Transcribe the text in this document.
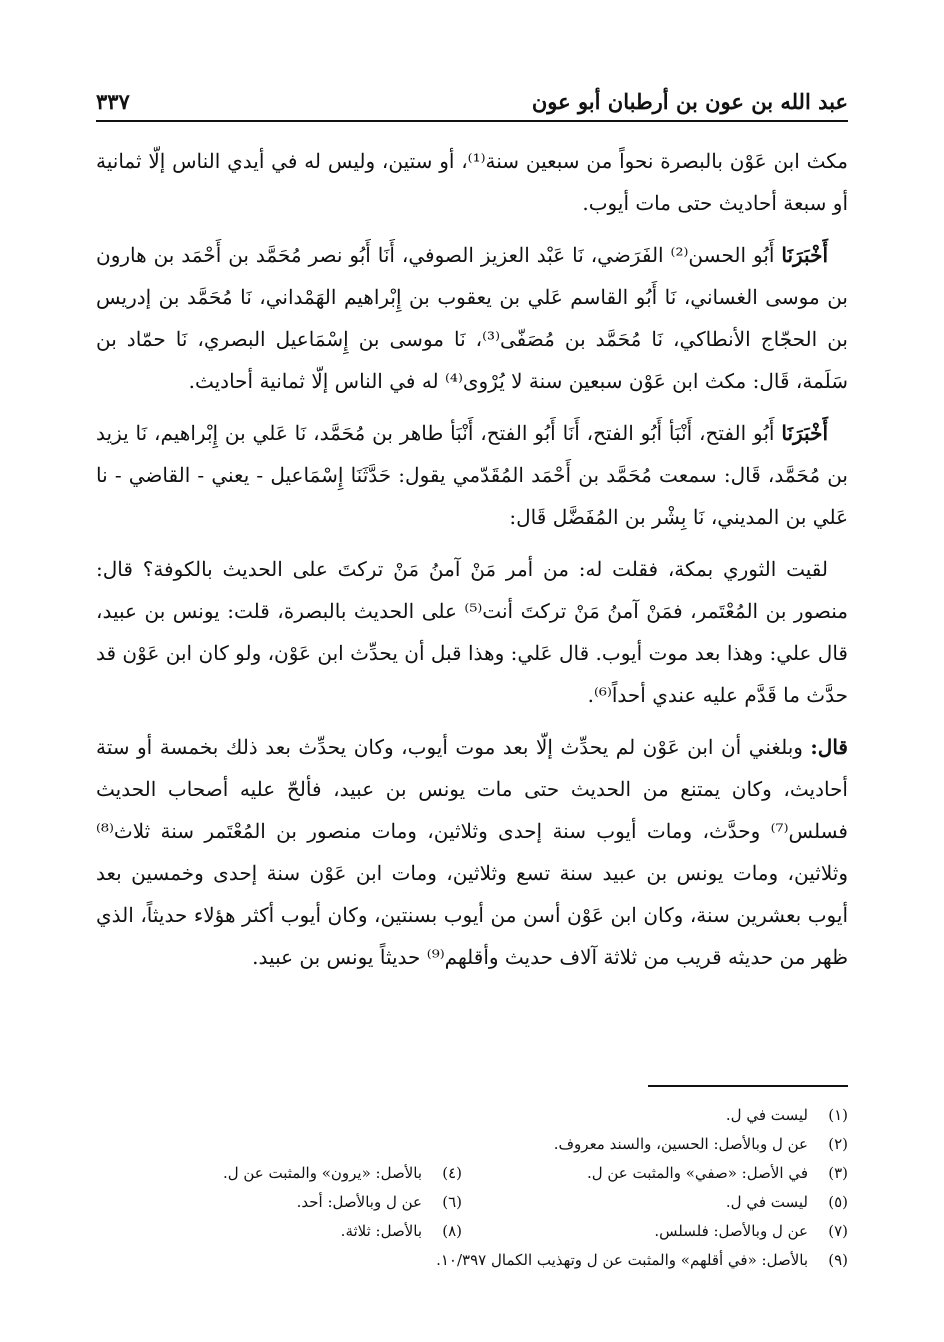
عبد الله بن عون بن أرطبان أبو عون
٣٣٧

مكث ابن عَوْن بالبصرة نحواً من سبعين سنة⁽¹⁾، أو ستين، وليس له في أيدي الناس إلّا ثمانية أو سبعة أحاديث حتى مات أيوب.

أَخْبَرَنَا أَبُو الحسن⁽²⁾ الفَرَضي، نَا عَبْد العزيز الصوفي، أَنَا أَبُو نصر مُحَمَّد بن أَحْمَد بن هارون بن موسى الغساني، نَا أَبُو القاسم عَلي بن يعقوب بن إِبْراهيم الهَمْداني، نَا مُحَمَّد بن إدريس بن الحجّاج الأنطاكي، نَا مُحَمَّد بن مُصَفّى⁽³⁾، نَا موسى بن إِسْمَاعيل البصري، نَا حمّاد بن سَلَمة، قَال: مكث ابن عَوْن سبعين سنة لا يُرْوى⁽⁴⁾ له في الناس إلّا ثمانية أحاديث.

أَخْبَرَنَا أَبُو الفتح، أَنْبَأ أَبُو الفتح، أَنَا أَبُو الفتح، أَنْبَأ طاهر بن مُحَمَّد، نَا عَلي بن إِبْراهيم، نَا يزيد بن مُحَمَّد، قَال: سمعت مُحَمَّد بن أَحْمَد المُقَدّمي يقول: حَدَّثَنَا إِسْمَاعيل - يعني - القاضي - نا عَلي بن المديني، نَا بِشْر بن المُفَضَّل قَال:

لقيت الثوري بمكة، فقلت له: من أمر مَنْ آمنُ مَنْ تركتَ على الحديث بالكوفة؟ قال: منصور بن المُعْتَمر، فمَنْ آمنُ مَنْ تركتَ أنت⁽⁵⁾ على الحديث بالبصرة، قلت: يونس بن عبيد، قال علي: وهذا بعد موت أيوب. قال عَلي: وهذا قبل أن يحدِّث ابن عَوْن، ولو كان ابن عَوْن قد حدَّث ما قَدَّم عليه عندي أحداً⁽⁶⁾.

قال: وبلغني أن ابن عَوْن لم يحدِّث إلّا بعد موت أيوب، وكان يحدِّث بعد ذلك بخمسة أو ستة أحاديث، وكان يمتنع من الحديث حتى مات يونس بن عبيد، فألحّ عليه أصحاب الحديث فسلس⁽⁷⁾ وحدَّث، ومات أيوب سنة إحدى وثلاثين، ومات منصور بن المُعْتَمر سنة ثلاث⁽⁸⁾ وثلاثين، ومات يونس بن عبيد سنة تسع وثلاثين، ومات ابن عَوْن سنة إحدى وخمسين بعد أيوب بعشرين سنة، وكان ابن عَوْن أسن من أيوب بسنتين، وكان أيوب أكثر هؤلاء حديثاً، الذي ظهر من حديثه قريب من ثلاثة آلاف حديث وأقلهم⁽⁹⁾ حديثاً يونس بن عبيد.

(١)
ليست في ل.
(٢)
عن ل وبالأصل: الحسين، والسند معروف.
(٣)
في الأصل: «صفي» والمثبت عن ل.
(٤)
بالأصل: «يرون» والمثبت عن ل.
(٥)
ليست في ل.
(٦)
عن ل وبالأصل: أحد.
(٧)
عن ل وبالأصل: فلسلس.
(٨)
بالأصل: ثلاثة.
(٩)
بالأصل: «في أقلهم» والمثبت عن ل وتهذيب الكمال ١٠/٣٩٧.
